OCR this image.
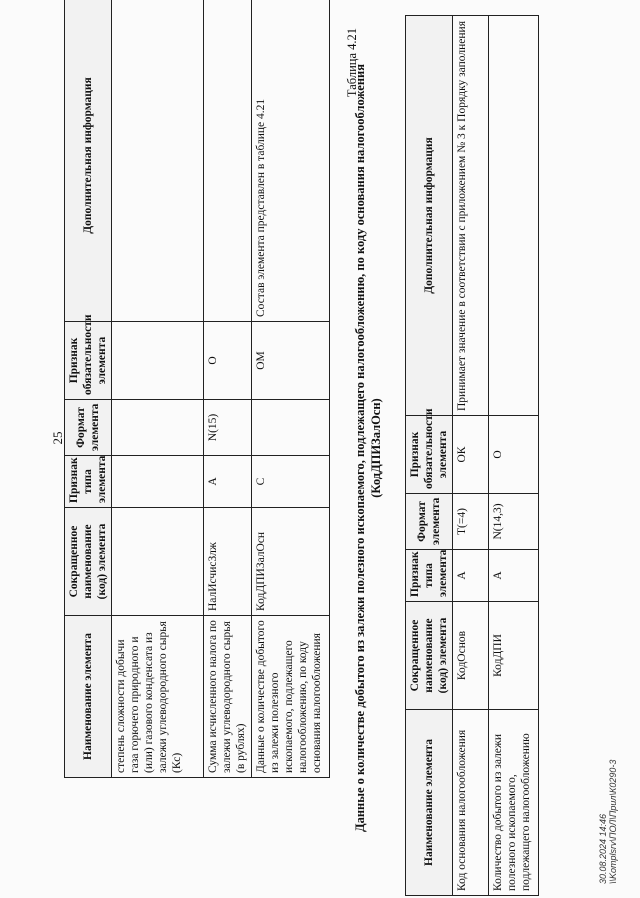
25
Наименование элемента	Сокращенное наименование (код) элемента	Признак типа элемента	Формат элемента	Признак обязательности элемента	Дополнительная информация
степень сложности добычи газа горючего природного и (или) газового конденсата из залежи углеводородного сырья (Кс)					
Сумма исчисленного налога по залежи углеводородного сырья (в рублях)	НалИсчисЗлж	А	N(15)	О	
Данные о количестве добытого из залежи полезного ископаемого, подлежащего налогообложению, по коду основания налогообложения	КодДПИЗалОсн	С		ОМ	Состав элемента представлен в таблице 4.21
Таблица 4.21
Данные о количестве добытого из залежи полезного ископаемого, подлежащего налогообложению, по коду основания налогообложения (КодДПИЗалОсн)
Наименование элемента	Сокращенное наименование (код) элемента	Признак типа элемента	Формат элемента	Признак обязательности элемента	Дополнительная информация
Код основания налогообложения	КодОснов	А	Т(=4)	ОК	Принимает значение в соответствии с приложением № 3 к Порядку заполнения
Количество добытого из залежи полезного ископаемого, подлежащего налогообложению	КодДПИ	А	N(14,3)	О	
30.08.2024 14:46 \\Komplsrv\ПОЛ\Прил\К0290-3
